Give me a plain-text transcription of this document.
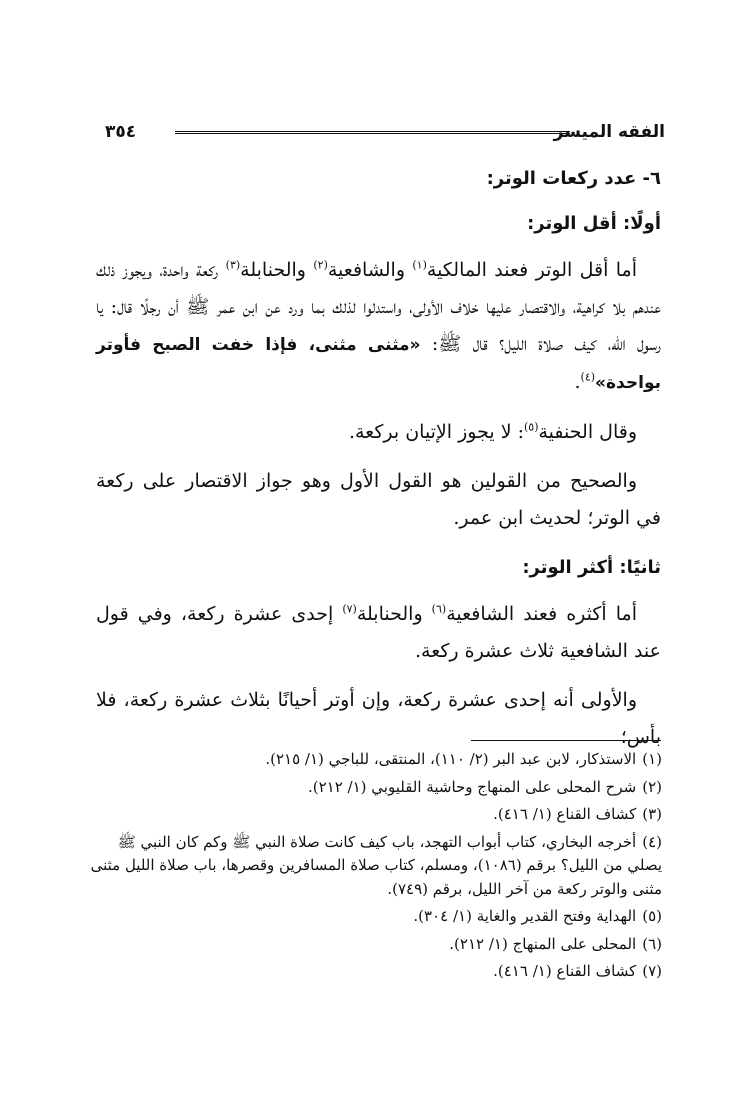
الفقه الميسر
٣٥٤
٦- عدد ركعات الوتر:
أولًا: أقل الوتر:

أما أقل الوتر فعند المالكية$^{(١)}$ والشافعية$^{(٢)}$ والحنابلة$^{(٣)}$ ركعة واحدة، ويجوز ذلك عندهم بلا كراهية، والاقتصار عليها خلاف الأولى، واستدلوا لذلك بما ورد عن ابن عمر ﷺ أن رجلًا قال: يا رسول الله، كيف صلاة الليل؟ قال ﷺ: «مثنى مثنى، فإذا خفت الصبح فأوتر بواحدة»$^{(٤)}$.

وقال الحنفية$^{(٥)}$: لا يجوز الإتيان بركعة.

والصحيح من القولين هو القول الأول وهو جواز الاقتصار على ركعة في الوتر؛ لحديث ابن عمر.

ثانيًا: أكثر الوتر:

أما أكثره فعند الشافعية$^{(٦)}$ والحنابلة$^{(٧)}$ إحدى عشرة ركعة، وفي قول عند الشافعية ثلاث عشرة ركعة.

والأولى أنه إحدى عشرة ركعة، وإن أوتر أحيانًا بثلاث عشرة ركعة، فلا بأس؛

(١)الاستذكار، لابن عبد البر (٢/ ١١٠)، المنتقى، للباجي (١/ ٢١٥).
(٢)شرح المحلى على المنهاج وحاشية القليوبي (١/ ٢١٢).
(٣)كشاف القناع (١/ ٤١٦).
(٤)أخرجه البخاري، كتاب أبواب التهجد، باب كيف كانت صلاة النبي ﷺ وكم كان النبي ﷺ يصلي من الليل؟ برقم (١٠٨٦)، ومسلم، كتاب صلاة المسافرين وقصرها، باب صلاة الليل مثنى مثنى والوتر ركعة من آخر الليل، برقم (٧٤٩).
(٥)الهداية وفتح القدير والغاية (١/ ٣٠٤).
(٦)المحلى على المنهاج (١/ ٢١٢).
(٧)كشاف القناع (١/ ٤١٦).
